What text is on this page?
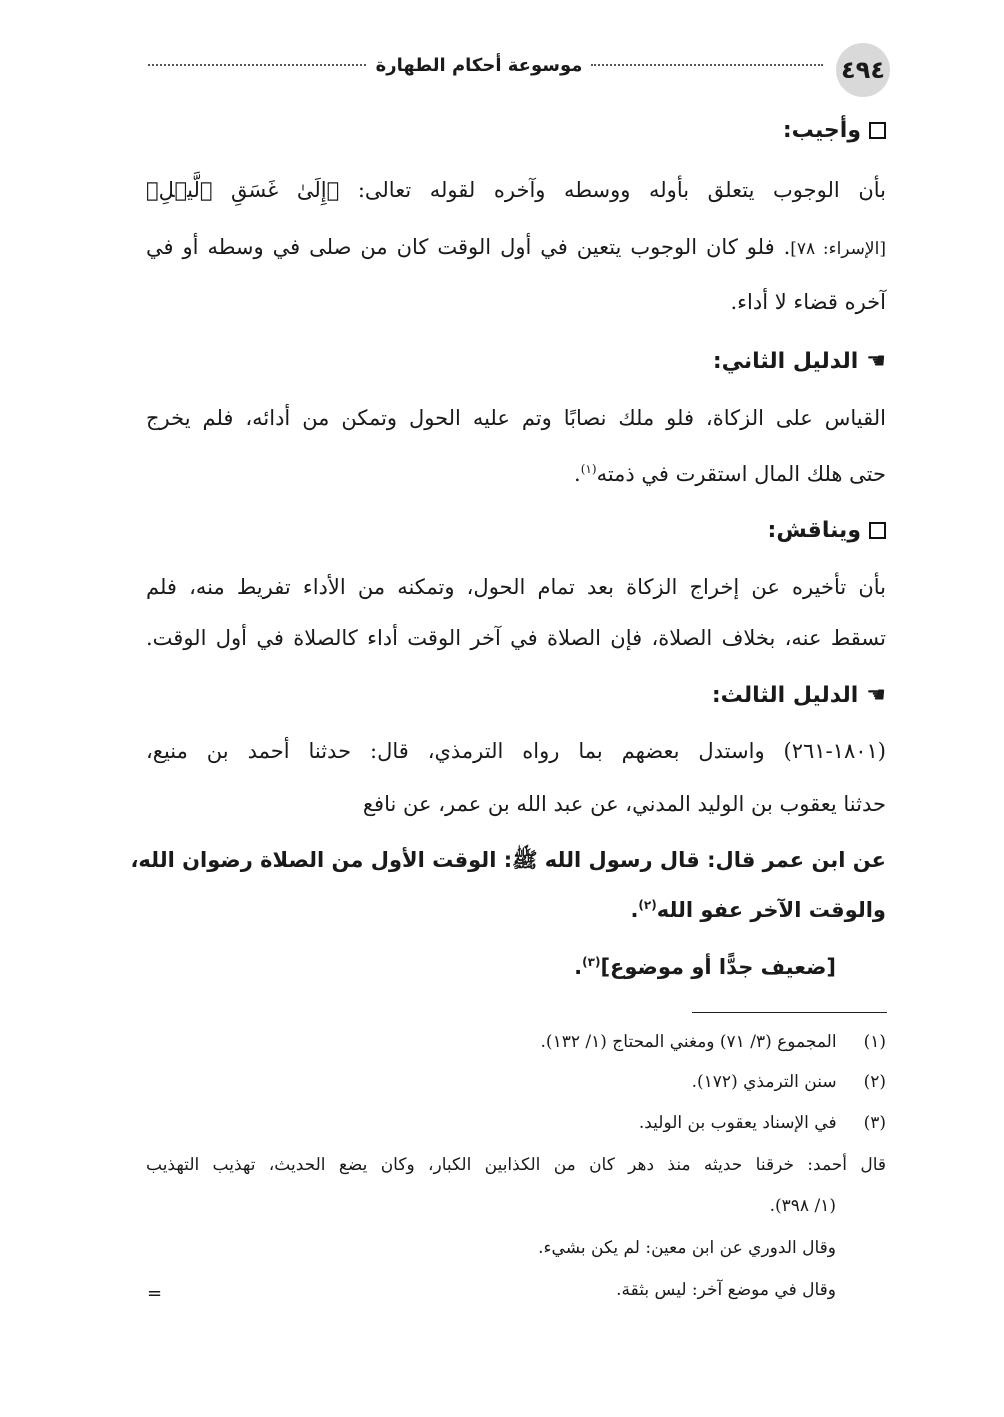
٤٩٤
موسوعة أحكام الطهارة
وأجيب:
بأن الوجوب يتعلق بأوله ووسطه وآخره لقوله تعالى: ﴿إِلَىٰ غَسَقِ ٱلَّيۡلِ﴾
[الإسراء: ٧٨]. فلو كان الوجوب يتعين في أول الوقت كان من صلى في وسطه أو في
آخره قضاء لا أداء.
☚الدليل الثاني:
القياس على الزكاة، فلو ملك نصابًا وتم عليه الحول وتمكن من أدائه، فلم يخرج
حتى هلك المال استقرت في ذمته$^{(١)}$.
ويناقش:
بأن تأخيره عن إخراج الزكاة بعد تمام الحول، وتمكنه من الأداء تفريط منه، فلم
تسقط عنه، بخلاف الصلاة، فإن الصلاة في آخر الوقت أداء كالصلاة في أول الوقت.
☚الدليل الثالث:
(١٨٠١-٢٦١) واستدل بعضهم بما رواه الترمذي، قال: حدثنا أحمد بن منيع،
حدثنا يعقوب بن الوليد المدني، عن عبد الله بن عمر، عن نافع
عن ابن عمر قال: قال رسول الله ﷺ: الوقت الأول من الصلاة رضوان الله،
والوقت الآخر عفو الله$^{(٢)}$.
[ضعيف جدًّا أو موضوع]$^{(٣)}$.
(١) المجموع (٣/ ٧١) ومغني المحتاج (١/ ١٣٢).
(٢) سنن الترمذي (١٧٢).
(٣) في الإسناد يعقوب بن الوليد.
قال أحمد: خرقنا حديثه منذ دهر كان من الكذابين الكبار، وكان يضع الحديث، تهذيب التهذيب
(١/ ٣٩٨).
وقال الدوري عن ابن معين: لم يكن بشيء.
وقال في موضع آخر: ليس بثقة.
=
